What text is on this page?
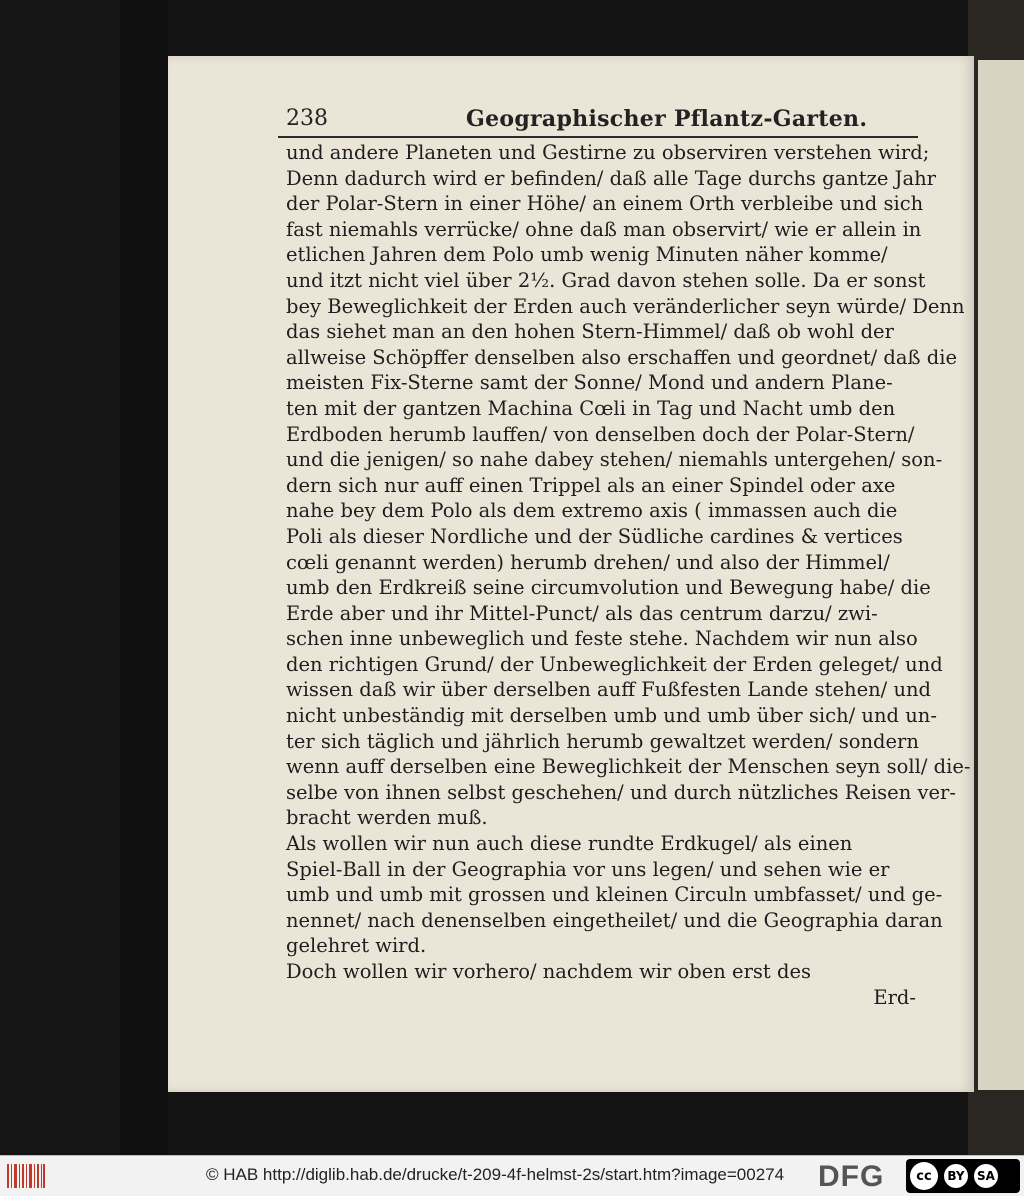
238	Geographischer Pflantz-Garten.
und andere Planeten und Gestirne zu observiren verstehen wird;
Denn dadurch wird er befinden/ daß alle Tage durchs gantze Jahr
der Polar-Stern in einer Höhe/ an einem Orth verbleibe und sich
fast niemahls verrücke/ ohne daß man observirt/ wie er allein in
etlichen Jahren dem Polo umb wenig Minuten näher komme/
und itzt nicht viel über 2½. Grad davon stehen solle. Da er sonst
bey Beweglichkeit der Erden auch veränderlicher seyn würde/ Denn
das siehet man an den hohen Stern-Himmel/ daß ob wohl der
allweise Schöpffer denselben also erschaffen und geordnet/ daß die
meisten Fix-Sterne samt der Sonne/ Mond und andern Plane-
ten mit der gantzen Machina Cœli in Tag und Nacht umb den
Erdboden herumb lauffen/ von denselben doch der Polar-Stern/
und die jenigen/ so nahe dabey stehen/ niemahls untergehen/ son-
dern sich nur auff einen Trippel als an einer Spindel oder axe
nahe bey dem Polo als dem extremo axis ( immassen auch die
Poli als dieser Nordliche und der Südliche cardines & vertices
cœli genannt werden) herumb drehen/ und also der Himmel/
umb den Erdkreiß seine circumvolution und Bewegung habe/ die
Erde aber und ihr Mittel-Punct/ als das centrum darzu/ zwi-
schen inne unbeweglich und feste stehe. Nachdem wir nun also
den richtigen Grund/ der Unbeweglichkeit der Erden geleget/ und
wissen daß wir über derselben auff Fußfesten Lande stehen/ und
nicht unbeständig mit derselben umb und umb über sich/ und un-
ter sich täglich und jährlich herumb gewaltzet werden/ sondern
wenn auff derselben eine Beweglichkeit der Menschen seyn soll/ die-
selbe von ihnen selbst geschehen/ und durch nützliches Reisen ver-
bracht werden muß.
Als wollen wir nun auch diese rundte Erdkugel/ als einen
Spiel-Ball in der Geographia vor uns legen/ und sehen wie er
umb und umb mit grossen und kleinen Circuln umbfasset/ und ge-
nennet/ nach denenselben eingetheilet/ und die Geographia daran
gelehret wird.
Doch wollen wir vorhero/ nachdem wir oben erst des
Erd-
© HAB http://diglib.hab.de/drucke/t-209-4f-helmst-2s/start.htm?image=00274 DFG	cc	BY SA
